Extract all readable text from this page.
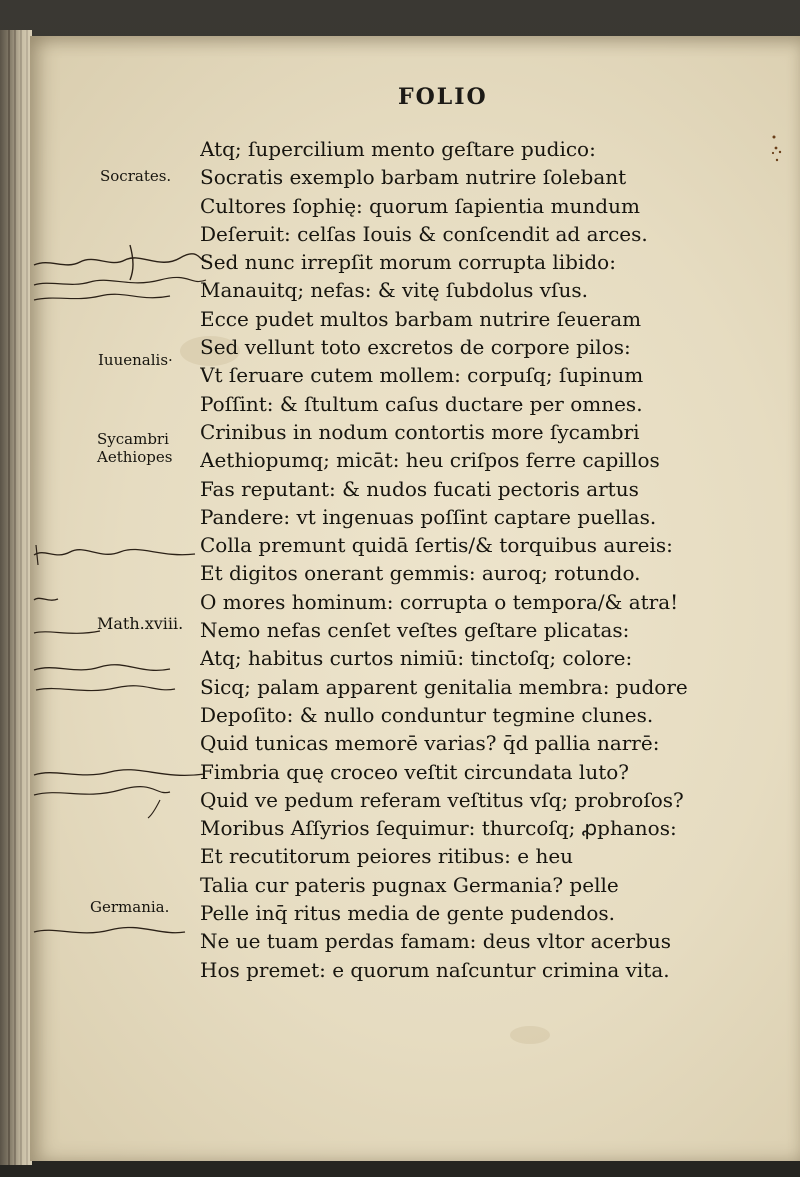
FOLIO
Socrates.
Iuuenalis·
Sycambri
Aethiopes
Math.xviii.
Germania.
Atq; ſupercilium mento geſtare pudico:
Socratis exemplo barbam nutrire ſolebant
Cultores ſophię: quorum ſapientia mundum
Deſeruit: celſas Iouis & conſcendit ad arces.
Sed nunc irrepſit morum corrupta libido:
Manauitq; nefas: & vitę ſubdolus vſus.
Ecce pudet multos barbam nutrire ſeueram
Sed vellunt toto excretos de corpore pilos:
Vt ſeruare cutem mollem: corpuſq; ſupinum
Poſſint: & ſtultum caſus ductare per omnes.
Crinibus in nodum contortis more ſycambri
Aethiopumq; micāt: heu criſpos ferre capillos
Fas reputant: & nudos fucati pectoris artus
Pandere: vt ingenuas poſſint captare puellas.
Colla premunt quidā ſertis/& torquibus aureis:
Et digitos onerant gemmis: auroq; rotundo.
O mores hominum: corrupta o tempora/& atra!
Nemo nefas cenſet veſtes geſtare plicatas:
Atq; habitus curtos nimiū: tinctoſq; colore:
Sicq; palam apparent genitalia membra: pudore
Depoſito: & nullo conduntur tegmine clunes.
Quid tunicas memorē varias? q̄d pallia narrē:
Fimbria quę croceo veſtit circundata luto?
Quid ve pedum referam veſtitus vſq; probroſos?
Moribus Aſſyrios ſequimur: thurcoſq; ꝓphanos:
Et recutitorum peiores ritibus: e heu
Talia cur pateris pugnax Germania? pelle
Pelle inq̄ ritus media de gente pudendos.
Ne ue tuam perdas famam: deus vltor acerbus
Hos premet: e quorum naſcuntur crimina vita.
